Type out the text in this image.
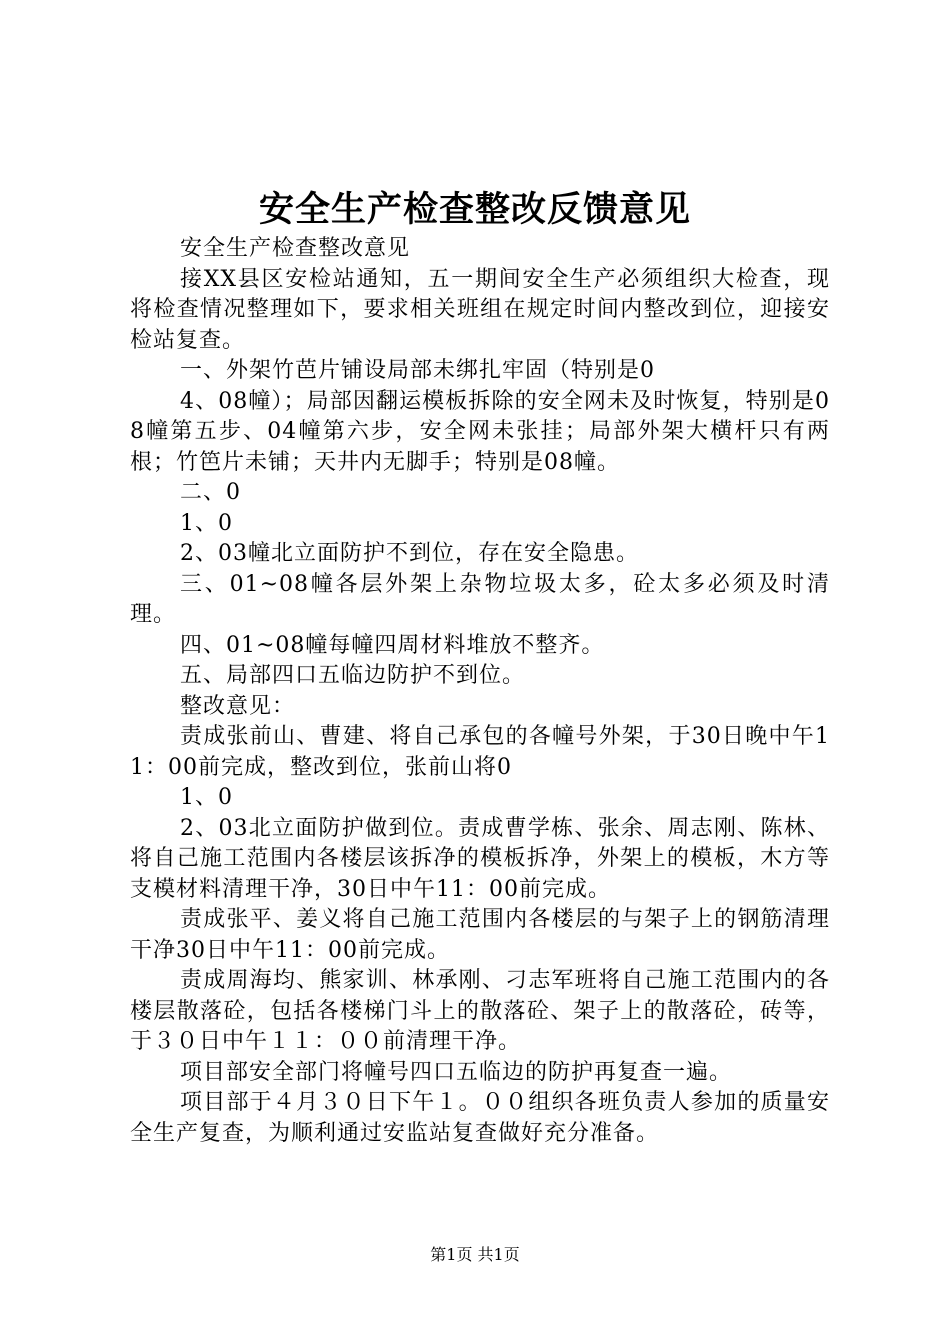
安全生产检查整改反馈意见

安全生产检查整改意见

接XX县区安检站通知，五一期间安全生产必须组织大检查，现将检查情况整理如下，要求相关班组在规定时间内整改到位，迎接安检站复查。

一、外架竹芭片铺设局部未绑扎牢固（特别是0

4、08幢）；局部因翻运模板拆除的安全网未及时恢复，特别是08幢第五步、04幢第六步，安全网未张挂；局部外架大横杆只有两根；竹笆片未铺；天井内无脚手；特别是08幢。

二、0

1、0

2、03幢北立面防护不到位，存在安全隐患。

三、01~08幢各层外架上杂物垃圾太多，砼太多必须及时清理。

四、01~08幢每幢四周材料堆放不整齐。

五、局部四口五临边防护不到位。

整改意见：

责成张前山、曹建、将自己承包的各幢号外架，于30日晚中午11：00前完成，整改到位，张前山将0

1、0

2、03北立面防护做到位。责成曹学栋、张余、周志刚、陈林、将自己施工范围内各楼层该拆净的模板拆净，外架上的模板，木方等支模材料清理干净，30日中午11：00前完成。

责成张平、姜义将自己施工范围内各楼层的与架子上的钢筋清理干净30日中午11：00前完成。

责成周海均、熊家训、林承刚、刁志军班将自己施工范围内的各楼层散落砼，包括各楼梯门斗上的散落砼、架子上的散落砼，砖等，于３０日中午１１：００前清理干净。

项目部安全部门将幢号四口五临边的防护再复查一遍。

项目部于４月３０日下午１。００组织各班负责人参加的质量安全生产复查，为顺利通过安监站复查做好充分准备。

第1页 共1页
